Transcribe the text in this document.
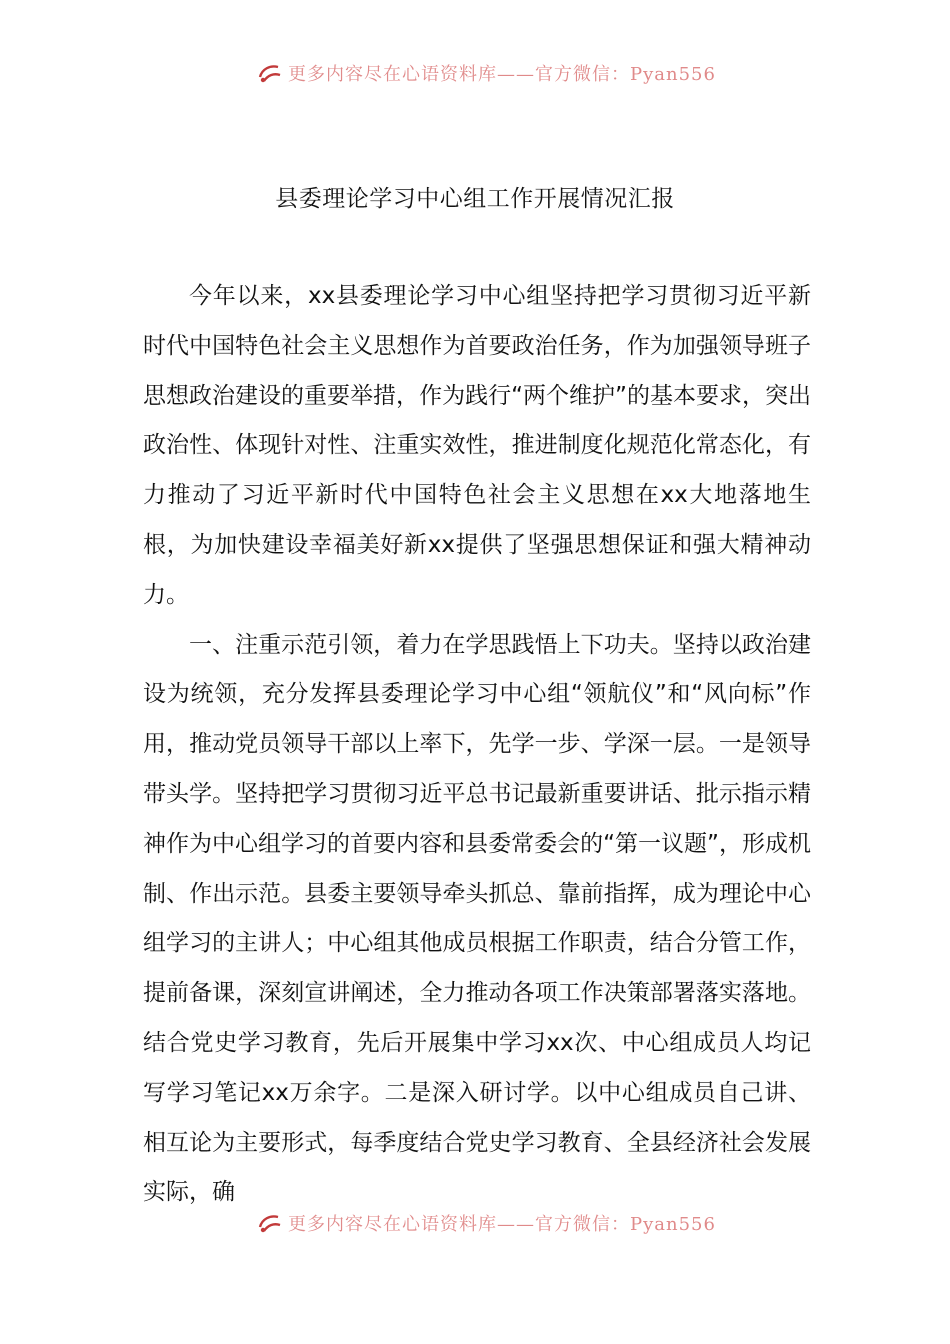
更多内容尽在心语资料库——官方微信：Pyan556
县委理论学习中心组工作开展情况汇报

今年以来，xx县委理论学习中心组坚持把学习贯彻习近平新时代中国特色社会主义思想作为首要政治任务，作为加强领导班子思想政治建设的重要举措，作为践行“两个维护”的基本要求，突出政治性、体现针对性、注重实效性，推进制度化规范化常态化，有力推动了习近平新时代中国特色社会主义思想在xx大地落地生根，为加快建设幸福美好新xx提供了坚强思想保证和强大精神动力。

一、注重示范引领，着力在学思践悟上下功夫。坚持以政治建设为统领，充分发挥县委理论学习中心组“领航仪”和“风向标”作用，推动党员领导干部以上率下，先学一步、学深一层。一是领导带头学。坚持把学习贯彻习近平总书记最新重要讲话、批示指示精神作为中心组学习的首要内容和县委常委会的“第一议题”，形成机制、作出示范。县委主要领导牵头抓总、靠前指挥，成为理论中心组学习的主讲人；中心组其他成员根据工作职责，结合分管工作，提前备课，深刻宣讲阐述，全力推动各项工作决策部署落实落地。结合党史学习教育，先后开展集中学习xx次、中心组成员人均记写学习笔记xx万余字。二是深入研讨学。以中心组成员自己讲、相互论为主要形式，每季度结合党史学习教育、全县经济社会发展实际，确

更多内容尽在心语资料库——官方微信：Pyan556
